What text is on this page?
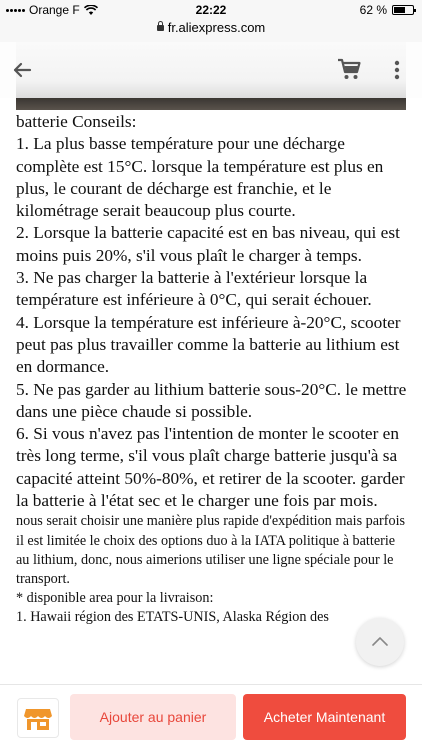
Orange F	22:22	62 %
fr.aliexpress.com

batterie Conseils:

1. La plus basse température pour une décharge complète est 15°C. lorsque la température est plus en plus, le courant de décharge est franchie, et le kilométrage serait beaucoup plus courte.

2. Lorsque la batterie capacité est en bas niveau, qui est moins puis 20%, s'il vous plaît le charger à temps.

3. Ne pas charger la batterie à l'extérieur lorsque la température est inférieure à 0°C, qui serait échouer.

4. Lorsque la température est inférieure à-20°C, scooter peut pas plus travailler comme la batterie au lithium est en dormance.

5. Ne pas garder au lithium batterie sous-20°C. le mettre dans une pièce chaude si possible.

6. Si vous n'avez pas l'intention de monter le scooter en très long terme, s'il vous plaît charge batterie jusqu'à sa capacité atteint 50%-80%, et retirer de la scooter. garder la batterie à l'état sec et le charger une fois par mois.

nous serait choisir une manière plus rapide d'expédition mais parfois il est limitée le choix des options duo à la IATA politique à batterie au lithium, donc, nous aimerions utiliser une ligne spéciale pour le transport.

* disponible area pour la livraison:

1. Hawaii région des ETATS-UNIS, Alaska Région des

Ajouter au panier	Acheter Maintenant
